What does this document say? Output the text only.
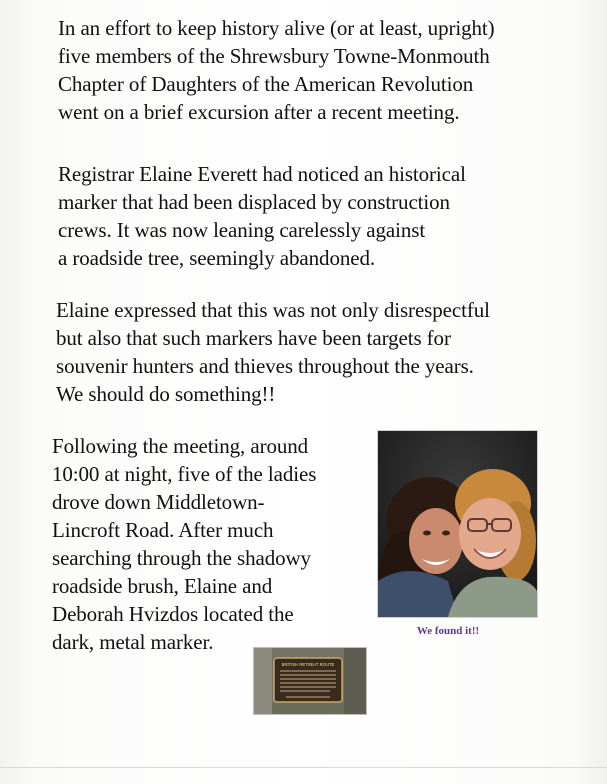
In an effort to keep history alive (or at least, upright)
five members of the Shrewsbury Towne-Monmouth
Chapter of Daughters of the American Revolution
went on a brief excursion after a recent meeting.

Registrar Elaine Everett had noticed an historical
marker that had been displaced by construction
crews. It was now leaning carelessly against
a roadside tree, seemingly abandoned.

Elaine expressed that this was not only disrespectful
but also that such markers have been targets for
souvenir hunters and thieves throughout the years.
We should do something!!

Following the meeting, around
10:00 at night, five of the ladies
drove down Middletown-
Lincroft Road. After much
searching through the shadowy
roadside brush, Elaine and
Deborah Hvizdos located the
dark, metal marker.	We found it!!
BRITISH RETREAT ROUTE
